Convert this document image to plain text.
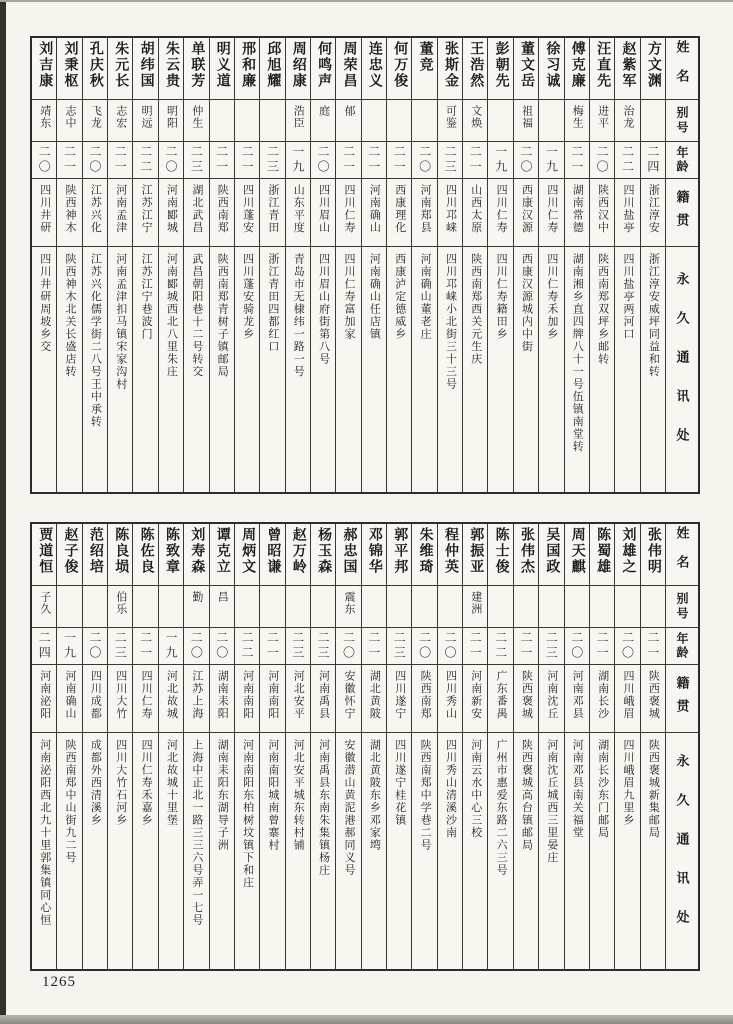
姓名
别号
年龄
籍贯
永久通讯处
方文渊
二四
浙江淳安
浙江淳安威坪同益和转
赵紫军
治龙
二二
四川盐亭
四川盐亭两河口
汪直先
进平
二〇
陕西汉中
陕西南郑双坪乡邮转
傅克廉
梅生
二一
湖南常德
湖南湘乡直四牌八十一号伍镇南堂转
徐习诚
一九
四川仁寿
四川仁寿禾加乡
董文岳
祖福
二〇
西康汉源
西康汉源城内中街
彭朝先
一九
四川仁寿
四川仁寿籍田乡
王浩然
文焕
二一
山西太原
陕西南郑西关元生庆
张斯金
可鉴
二三
四川邛崃
四川邛崃小北街三十三号
董竞
二〇
河南郑县
河南确山董老庄
何万俊
二一
西康理化
西康泸定德威乡
连忠义
二一
河南确山
河南确山任店镇
周荣昌
郁
二一
四川仁寿
四川仁寿富加家
何鸣声
庭
二〇
四川眉山
四川眉山府街第八号
周绍康
浩臣
一九
山东平度
青岛市无棣纬一路一号
邱旭耀
二三
浙江青田
浙江青田四都红口
邢和廉
二一
四川蓬安
四川蓬安骑龙乡
明义道
二一
陕西南郑
陕西南郑青树子镇邮局
单联芳
仲生
二三
湖北武昌
武昌朝阳巷十二号转交
朱云贵
明阳
二〇
河南郾城
河南郾城西北八里朱庄
胡纬国
明远
二二
江苏江宁
江苏江宁巷波门
朱元长
志宏
二一
河南孟津
河南孟津扣马镇宋家沟村
孔庆秋
飞龙
二〇
江苏兴化
江苏兴化儒学街二八号王中承转
刘秉枢
志中
二一
陕西神木
陕西神木北关长盛店转
刘吉康
靖东
二〇
四川井研
四川井研周坡乡交
姓名
别号
年龄
籍贯
永久通讯处
张伟明
二一
陕西褒城
陕西褒城新集邮局
刘雄之
二〇
四川峨眉
四川峨眉九里乡
陈蜀雄
二一
湖南长沙
湖南长沙东门邮局
周天麒
二〇
河南邓县
河南邓县南关福堂
吴国政
二三
河南沈丘
河南沈丘城西三里晏庄
张伟杰
二一
陕西褒城
陕西褒城高台镇邮局
陈士俊
二二
广东番禺
广州市惠爱东路二六三号
郭振亚
建洲
二一
河南新安
河南云水中心三校
程仲英
二〇
四川秀山
四川秀山清溪沙南
朱维琦
二〇
陕西南郑
陕西南郑中学巷二号
郭平邦
二三
四川遂宁
四川遂宁桂花镇
邓锦华
二一
湖北黄陂
湖北黄陂东乡邓家塆
郝忠国
震东
二〇
安徽怀宁
安徽潜山黄泥港郝同义号
杨玉森
二三
河南禹县
河南禹县东南朱集镇杨庄
赵万岭
二三
河北安平
河北安平城东转村铺
曾昭谦
二一
河南南阳
河南南阳城南曾寨村
周炳文
二二
河南南阳
河南南阳东柏树坟镇下和庄
谭克立
昌
二〇
湖南耒阳
湖南耒阳东湖导子洲
刘寿森
勤
二〇
江苏上海
上海中正北一路三三六号弄一七号
陈致章
一九
河北故城
河北故城十里堡
陈佐良
二一
四川仁寿
四川仁寿禾嘉乡
陈良埙
伯乐
二三
四川大竹
四川大竹石河乡
范绍培
二〇
四川成都
成都外西清溪乡
赵子俊
一九
河南确山
陕西南郑中山街九二号
贾道恒
子久
二四
河南泌阳
河南泌阳西北九十里郭集镇同心恒
1265
